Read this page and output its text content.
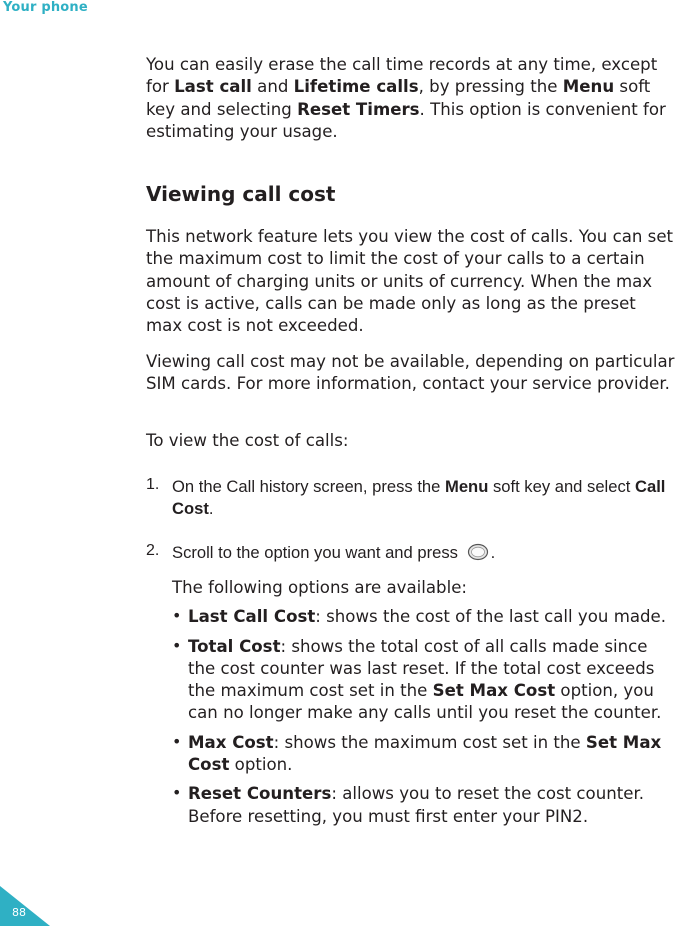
Your phone

You can easily erase the call time records at any time, except for Last call and Lifetime calls, by pressing the Menu soft key and selecting Reset Timers. This option is convenient for estimating your usage.

Viewing call cost

This network feature lets you view the cost of calls. You can set the maximum cost to limit the cost of your calls to a certain amount of charging units or units of currency. When the max cost is active, calls can be made only as long as the preset max cost is not exceeded.

Viewing call cost may not be available, depending on particular SIM cards. For more information, contact your service provider.

To view the cost of calls:

1. On the Call history screen, press the Menu soft key and select Call Cost.

2. Scroll to the option you want and press .

The following options are available:

• Last Call Cost: shows the cost of the last call you made.

• Total Cost: shows the total cost of all calls made since the cost counter was last reset. If the total cost exceeds the maximum cost set in the Set Max Cost option, you can no longer make any calls until you reset the counter.

• Max Cost: shows the maximum cost set in the Set Max Cost option.

• Reset Counters: allows you to reset the cost counter. Before resetting, you must first enter your PIN2.

88
